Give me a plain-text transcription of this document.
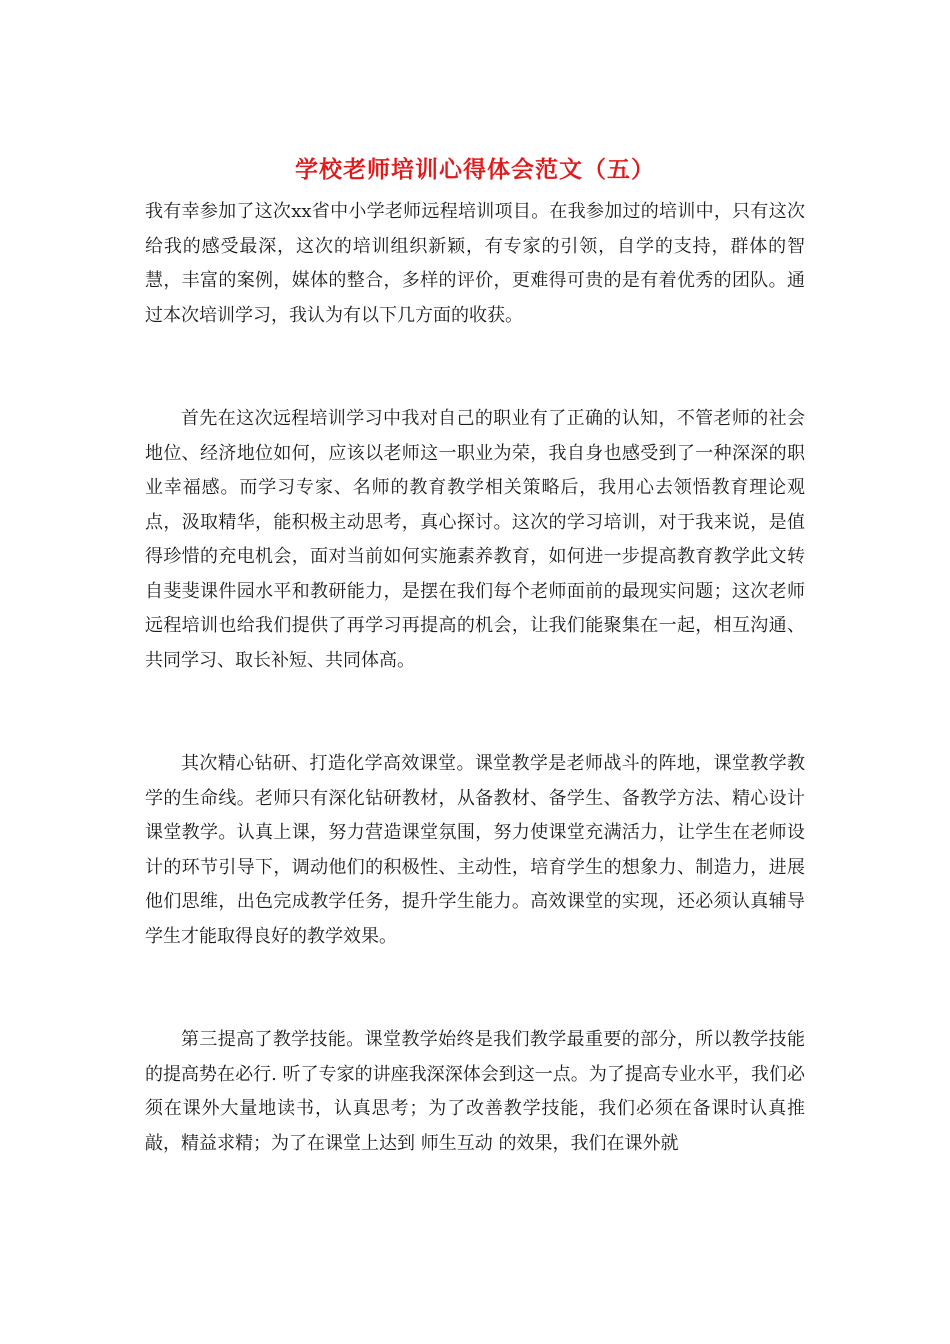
学校老师培训心得体会范文（五）

我有幸参加了这次xx省中小学老师远程培训项目。在我参加过的培训中，只有这次给我的感受最深，这次的培训组织新颖，有专家的引领，自学的支持，群体的智慧，丰富的案例，媒体的整合，多样的评价，更难得可贵的是有着优秀的团队。通过本次培训学习，我认为有以下几方面的收获。

首先在这次远程培训学习中我对自己的职业有了正确的认知，不管老师的社会地位、经济地位如何，应该以老师这一职业为荣，我自身也感受到了一种深深的职业幸福感。而学习专家、名师的教育教学相关策略后，我用心去领悟教育理论观点，汲取精华，能积极主动思考，真心探讨。这次的学习培训，对于我来说，是值得珍惜的充电机会，面对当前如何实施素养教育，如何进一步提高教育教学此文转自斐斐课件园水平和教研能力，是摆在我们每个老师面前的最现实问题；这次老师远程培训也给我们提供了再学习再提高的机会，让我们能聚集在一起，相互沟通、共同学习、取长补短、共同体高。

其次精心钻研、打造化学高效课堂。课堂教学是老师战斗的阵地，课堂教学教学的生命线。老师只有深化钻研教材，从备教材、备学生、备教学方法、精心设计课堂教学。认真上课，努力营造课堂氛围，努力使课堂充满活力，让学生在老师设计的环节引导下，调动他们的积极性、主动性，培育学生的想象力、制造力，进展他们思维，出色完成教学任务，提升学生能力。高效课堂的实现，还必须认真辅导学生才能取得良好的教学效果。

第三提高了教学技能。课堂教学始终是我们教学最重要的部分，所以教学技能的提高势在必行. 听了专家的讲座我深深体会到这一点。为了提高专业水平，我们必须在课外大量地读书，认真思考；为了改善教学技能，我们必须在备课时认真推敲，精益求精；为了在课堂上达到 师生互动 的效果，我们在课外就
